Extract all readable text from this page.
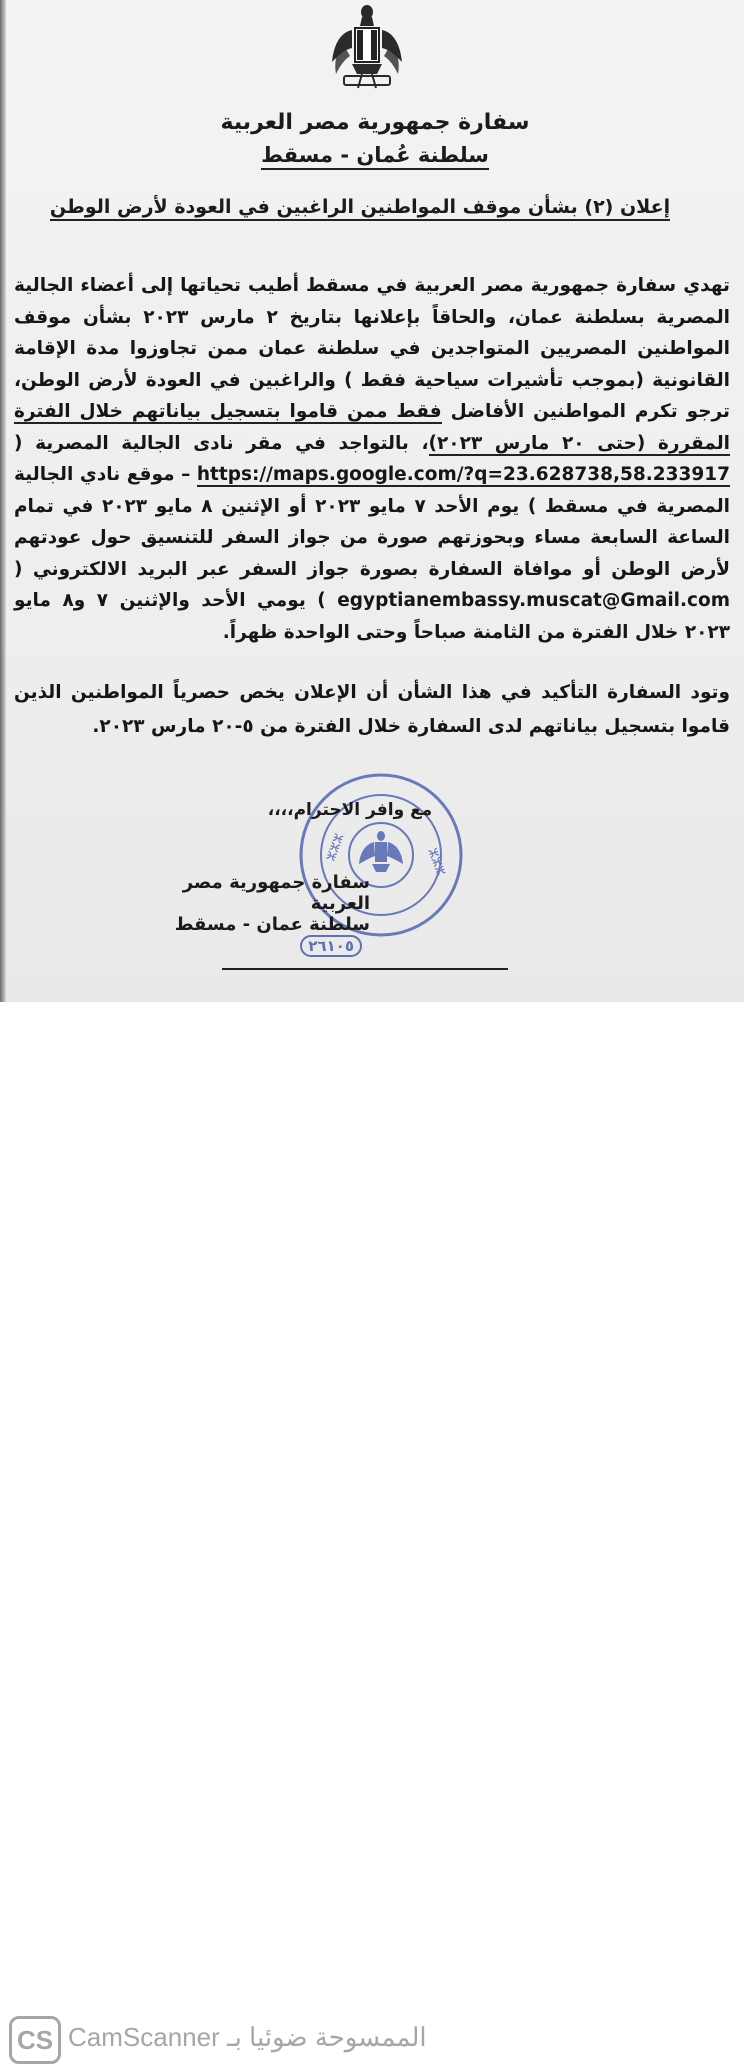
سفارة جمهورية مصر العربية
سلطنة عُمان - مسقط
إعلان (٢) بشأن موقف المواطنين الراغبين في العودة لأرض الوطن
تهدي سفارة جمهورية مصر العربية في مسقط أطيب تحياتها إلى أعضاء الجالية المصرية بسلطنة عمان، والحاقاً بإعلانها بتاريخ ٢ مارس ٢٠٢٣ بشأن موقف المواطنين المصريين المتواجدين في سلطنة عمان ممن تجاوزوا مدة الإقامة القانونية (بموجب تأشيرات سياحية فقط ) والراغبين في العودة لأرض الوطن، ترجو تكرم المواطنين الأفاضل فقط ممن قاموا بتسجيل بياناتهم خلال الفترة المقررة (حتى ٢٠ مارس ٢٠٢٣)، بالتواجد في مقر نادى الجالية المصرية ( https://maps.google.com/?q=23.628738,58.233917 – موقع نادي الجالية المصرية في مسقط ) يوم الأحد ٧ مايو ٢٠٢٣ أو الإثنين ٨ مايو ٢٠٢٣ في تمام الساعة السابعة مساء وبحوزتهم صورة من جواز السفر للتنسيق حول عودتهم لأرض الوطن أو موافاة السفارة بصورة جواز السفر عبر البريد الالكتروني ( egyptianembassy.muscat@Gmail.com ) يومي الأحد والإثنين ٧ و٨ مايو ٢٠٢٣ خلال الفترة من الثامنة صباحاً وحتى الواحدة ظهراً.
وتود السفارة التأكيد في هذا الشأن أن الإعلان يخص حصرياً المواطنين الذين قاموا بتسجيل بياناتهم لدى السفارة خلال الفترة من ٥-٢٠ مارس ٢٠٢٣.
ⵣⵣⵣ	ⵣⵣⵣ
مع وافر الاحترام،،،،
سفارة جمهورية مصر العربية
سلطنة عمان - مسقط ٢٦١٠٥
CS CamScanner الممسوحة ضوئيا بـ
